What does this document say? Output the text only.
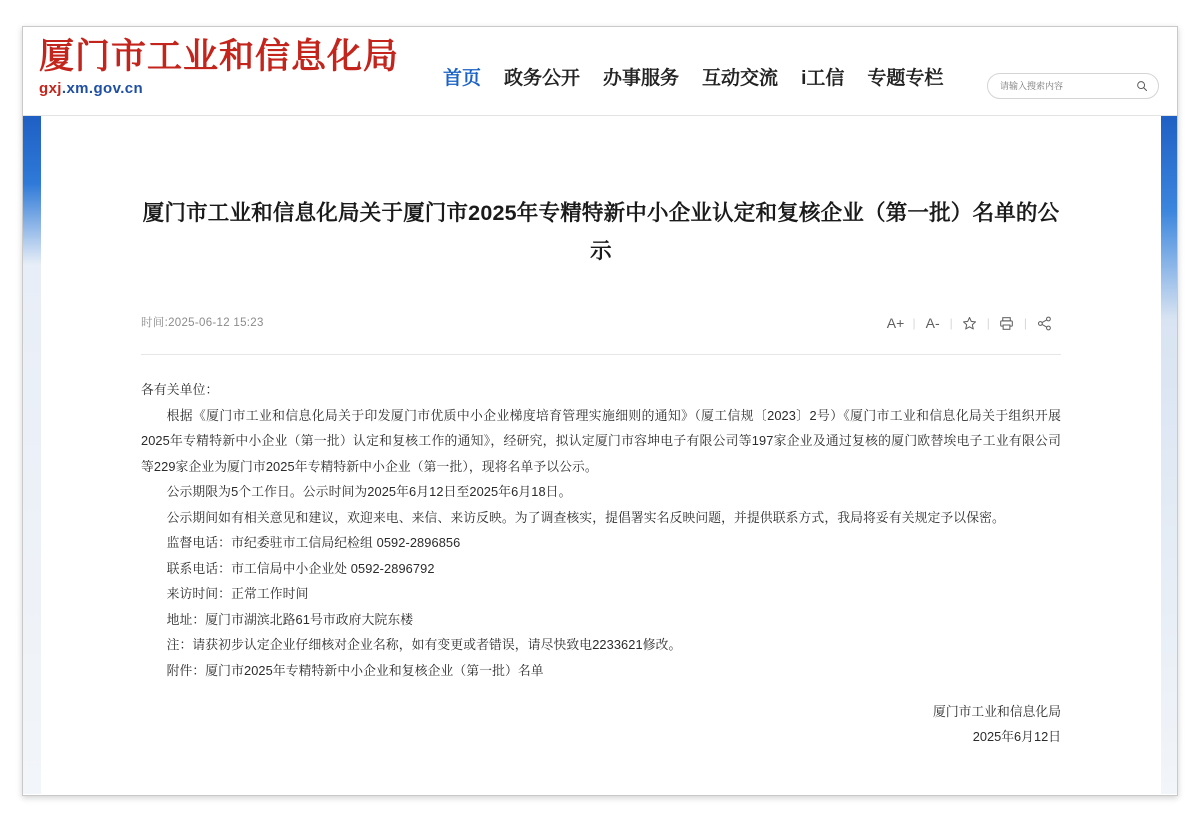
厦门市工业和信息化局
gxj.xm.gov.cn	首页 政务公开 办事服务 互动交流 i工信 专题专栏
请输入搜索内容
厦门市工业和信息化局关于厦门市2025年专精特新中小企业认定和复核企业（第一批）名单的公示
时间:2025-06-12 15:23	A+ | A- |	|	|

各有关单位：

根据《厦门市工业和信息化局关于印发厦门市优质中小企业梯度培育管理实施细则的通知》（厦工信规〔2023〕2号）《厦门市工业和信息化局关于组织开展2025年专精特新中小企业（第一批）认定和复核工作的通知》，经研究，拟认定厦门市容坤电子有限公司等197家企业及通过复核的厦门欧替埃电子工业有限公司等229家企业为厦门市2025年专精特新中小企业（第一批），现将名单予以公示。

公示期限为5个工作日。公示时间为2025年6月12日至2025年6月18日。

公示期间如有相关意见和建议，欢迎来电、来信、来访反映。为了调查核实，提倡署实名反映问题，并提供联系方式，我局将妥有关规定予以保密。

监督电话：市纪委驻市工信局纪检组 0592-2896856

联系电话：市工信局中小企业处 0592-2896792

来访时间：正常工作时间

地址：厦门市湖滨北路61号市政府大院东楼

注：请获初步认定企业仔细核对企业名称，如有变更或者错误，请尽快致电2233621修改。

附件：厦门市2025年专精特新中小企业和复核企业（第一批）名单

厦门市工业和信息化局
2025年6月12日
